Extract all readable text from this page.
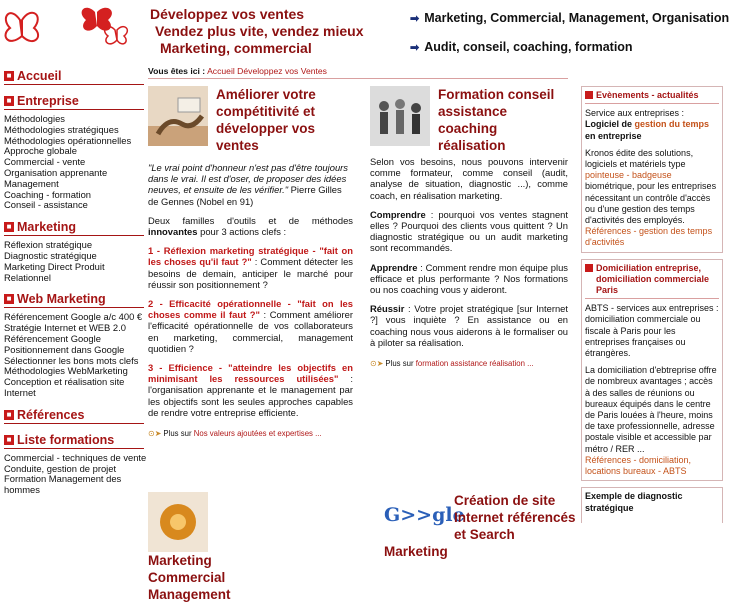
Développez vos ventes
Vendez plus vite, vendez mieux
Marketing, commercial
➡ Marketing, Commercial, Management, Organisation
➡ Audit, conseil, coaching, formation
■ Accueil
■ Entreprise
Méthodologies
Méthodologies stratégiques
Méthodologies opérationnelles
Approche globale
Commercial - vente
Organisation apprenante
Management
Coaching - formation
Conseil - assistance
■ Marketing
Réflexion stratégique
Diagnostic stratégique
Marketing Direct Produit
Relationnel
■ Web Marketing
Référencement Google a/c 400 €
Stratégie Internet et WEB 2.0
Référencement Google
Positionnement dans Google
Sélectionner les bons mots clefs
Méthodologies WebMarketing
Conception et réalisation site Internet
■ Références
■ Liste formations
Commercial - techniques de vente
Conduite, gestion de projet
Formation Management des hommes
Vous êtes ici : Accueil Développez vos Ventes
Améliorer votre compétitivité et développer vos ventes
"Le vrai point d'honneur n'est pas d'être toujours dans le vrai. Il est d'oser, de proposer des idées neuves, et ensuite de les vérifier." Pierre Gilles de Gennes (Nobel en 91)
Deux familles d'outils et de méthodes innovantes pour 3 actions clefs :
1 - Réflexion marketing stratégique - "fait on les choses qu'il faut ?" : Comment détecter les besoins de demain, anticiper le marché pour réussir son positionnement ?
2 - Efficacité opérationnelle - "fait on les choses comme il faut ?" : Comment améliorer l'efficacité opérationnelle de vos collaborateurs en marketing, commercial, management quotidien ?
3 - Efficience - "atteindre les objectifs en minimisant les ressources utilisées" : l'organisation apprenante et le management par les objectifs sont les seules approches capables de rendre votre entreprise efficiente.
⊙➤ Plus sur Nos valeurs ajoutées et expertises ...
Formation conseil assistance coaching réalisation
Selon vos besoins, nous pouvons intervenir comme formateur, comme conseil (audit, analyse de situation, diagnostic ...), comme coach, en réalisation marketing.
Comprendre : pourquoi vos ventes stagnent elles ? Pourquoi des clients vous quittent ? Un diagnostic stratégique ou un audit marketing sont recommandés.
Apprendre : Comment rendre mon équipe plus efficace et plus performante ? Nos formations ou nos coaching vous y aideront.
Réussir : Votre projet stratégique [sur Internet ?] vous inquiète ? En assistance ou en coaching nous vous aiderons à le formaliser ou à piloter sa réalisation.
⊙➤ Plus sur formation assistance réalisation ...
Marketing Commercial Management
G>>gle
Création de site Internet référencés et Search Marketing
Evènements - actualités

Service aux entreprises : Logiciel de gestion du temps en entreprise

Kronos édite des solutions, logiciels et matériels type pointeuse - badgeuse biométrique, pour les entreprises nécessitant un contrôle d'accès ou d'une gestion des temps d'activités des employés.
Références - gestion des temps d'activités

Domiciliation entreprise, domiciliation commerciale Paris

ABTS - services aux entreprises : domiciliation commerciale ou fiscale à Paris pour les entreprises françaises ou étrangères.

La domiciliation d'ebtreprise offre de nombreux avantages ; accès à des salles de réunions ou bureaux équipés dans le centre de Paris louées à l'heure, moins de taxe professionnelle, adresse postale visible et accessible par métro / RER ...
Références - domiciliation, locations bureaux - ABTS

Exemple de diagnostic stratégique
